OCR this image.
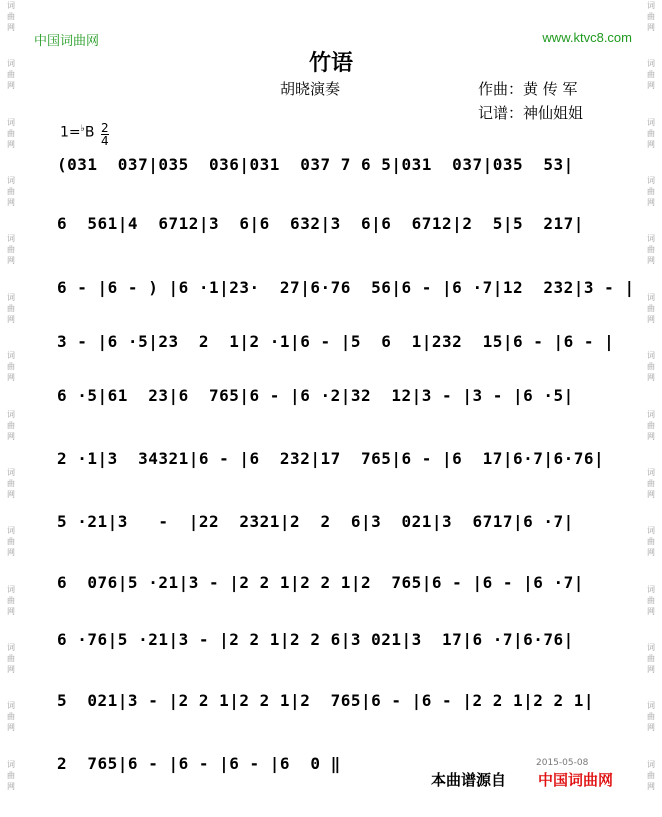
词
曲
网
词
曲
网
词
曲
网
词
曲
网
词
曲
网
词
曲
网
词
曲
网
词
曲
网
词
曲
网
词
曲
网
词
曲
网
词
曲
网
词
曲
网
词
曲
网
词
曲
网
词
曲
网
词
曲
网
词
曲
网
词
曲
网
词
曲
网
词
曲
网
词
曲
网
词
曲
网
词
曲
网
词
曲
网
词
曲
网
词
曲
网
词
曲
网
中国词曲网	www.ktvc8.com
竹语
胡晓演奏	作曲：黄 传 军
记谱：神仙姐姐
$1=^♭B \frac{2}{4}$
(031  037|035  036|031  037 7 6 5|031  037|035  53|
6  561|4  6712|3  6|6  632|3  6|6  6712|2  5|5  217|
6 - |6 - ) |6 ·1|23·  27|6·76  56|6 - |6 ·7|12  232|3 - |
3 - |6 ·5|23  2  1|2 ·1|6 - |5  6  1|232  15|6 - |6 - |
6 ·5|61  23|6  765|6 - |6 ·2|32  12|3 - |3 - |6 ·5|
2 ·1|3  34321|6 - |6  232|17  765|6 - |6  17|6·7|6·76|
5 ·21|3   -  |22  2321|2  2  6|3  021|3  6717|6 ·7|
6  076|5 ·21|3 - |2 2 1|2 2 1|2  765|6 - |6 - |6 ·7|
6 ·76|5 ·21|3 - |2 2 1|2 2 6|3 021|3  17|6 ·7|6·76|
5  021|3 - |2 2 1|2 2 1|2  765|6 - |6 - |2 2 1|2 2 1|
2  765|6 - |6 - |6 - |6  0 ‖	2015-05-08
本曲谱源自 中国词曲网
